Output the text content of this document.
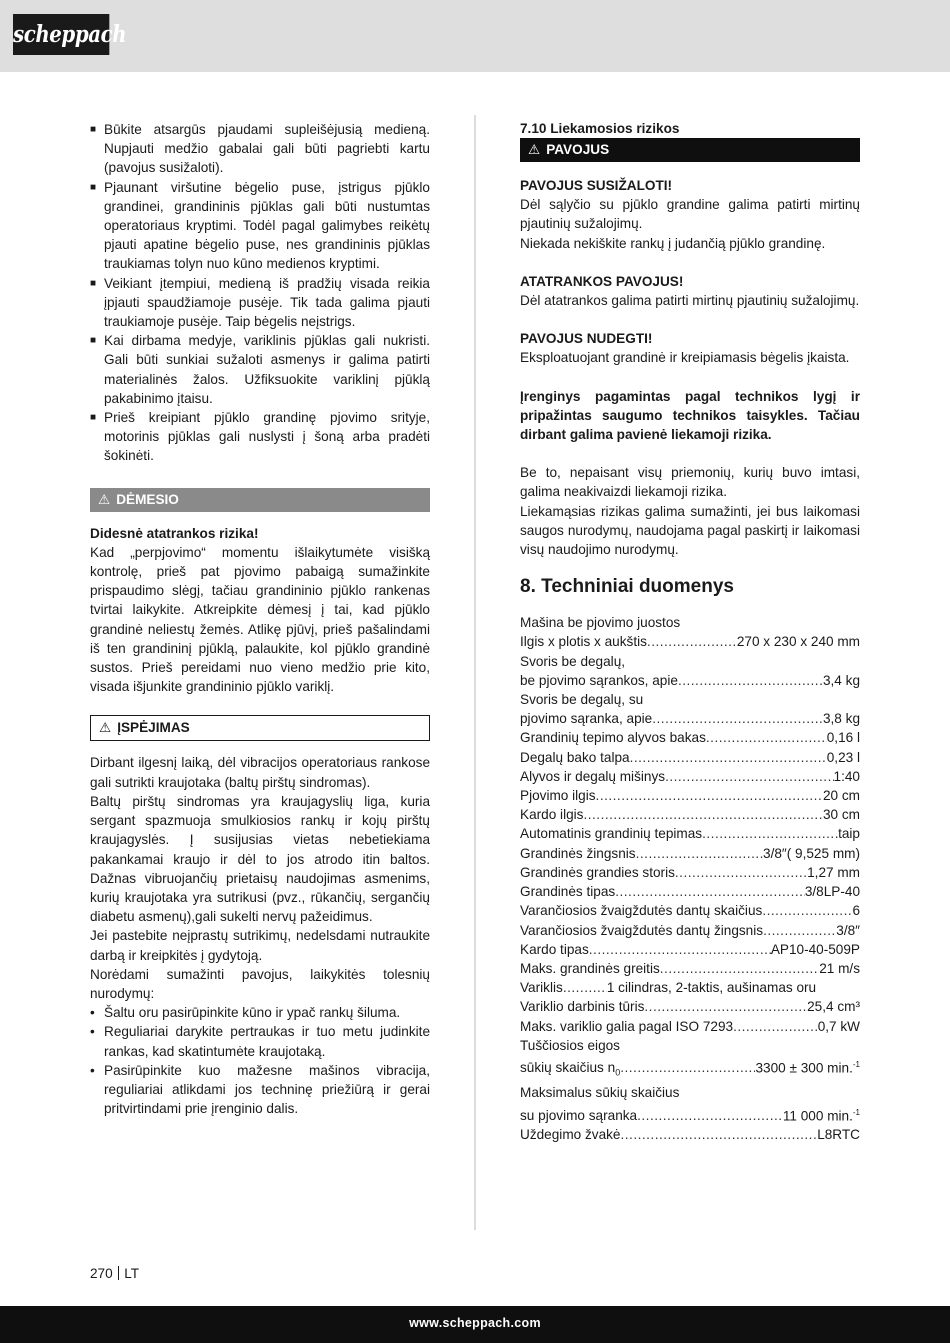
scheppach
■ Būkite atsargūs pjaudami supleišėjusią medieną. Nupjauti medžio gabalai gali būti pagriebti kartu (pavojus susižaloti).
■ Pjaunant viršutine bėgelio puse, įstrigus pjūklo grandinei, grandininis pjūklas gali būti nustumtas operatoriaus kryptimi. Todėl pagal galimybes reikėtų pjauti apatine bėgelio puse, nes grandininis pjūklas traukiamas tolyn nuo kūno medienos kryptimi.
■ Veikiant įtempiui, medieną iš pradžių visada reikia įpjauti spaudžiamoje pusėje. Tik tada galima pjauti traukiamoje pusėje. Taip bėgelis neįstrigs.
■ Kai dirbama medyje, variklinis pjūklas gali nukristi. Gali būti sunkiai sužaloti asmenys ir galima patirti materialinės žalos. Užfiksuokite variklinį pjūklą pakabinimo įtaisu.
■ Prieš kreipiant pjūklo grandinę pjovimo srityje, motorinis pjūklas gali nuslysti į šoną arba pradėti šokinėti.
⚠ DĖMESIO
Didesnė atatrankos rizika!
Kad „perpjovimo“ momentu išlaikytumėte visišką kontrolę, prieš pat pjovimo pabaigą sumažinkite prispaudimo slėgį, tačiau grandininio pjūklo rankenas tvirtai laikykite. Atkreipkite dėmesį į tai, kad pjūklo grandinė neliestų žemės. Atlikę pjūvį, prieš pašalindami iš ten grandininį pjūklą, palaukite, kol pjūklo grandinė sustos. Prieš pereidami nuo vieno medžio prie kito, visada išjunkite grandininio pjūklo variklį.
⚠ ĮSPĖJIMAS
Dirbant ilgesnį laiką, dėl vibracijos operatoriaus rankose gali sutrikti kraujotaka (baltų pirštų sindromas).
Baltų pirštų sindromas yra kraujagyslių liga, kuria sergant spazmuoja smulkiosios rankų ir kojų pirštų kraujagyslės. Į susijusias vietas nebetiekiama pakankamai kraujo ir dėl to jos atrodo itin baltos. Dažnas vibruojančių prietaisų naudojimas asmenims, kurių kraujotaka yra sutrikusi (pvz., rūkančių, sergančių diabetu asmenų),gali sukelti nervų pažeidimus.
Jei pastebite neįprastų sutrikimų, nedelsdami nutraukite darbą ir kreipkitės į gydytoją.
Norėdami sumažinti pavojus, laikykitės tolesnių nurodymų:
• Šaltu oru pasirūpinkite kūno ir ypač rankų šiluma.
• Reguliariai darykite pertraukas ir tuo metu judinkite rankas, kad skatintumėte kraujotaką.
• Pasirūpinkite kuo mažesne mašinos vibracija, reguliariai atlikdami jos techninę priežiūrą ir gerai pritvirtindami prie įrenginio dalis.
7.10 Liekamosios rizikos
⚠ PAVOJUS
PAVOJUS SUSIŽALOTI!
Dėl sąlyčio su pjūklo grandine galima patirti mirtinų pjautinių sužalojimų.
Niekada nekiškite rankų į judančią pjūklo grandinę.
ATATRANKOS PAVOJUS!
Dėl atatrankos galima patirti mirtinų pjautinių sužalojimų.
PAVOJUS NUDEGTI!
Eksploatuojant grandinė ir kreipiamasis bėgelis įkaista.
Įrenginys pagamintas pagal technikos lygį ir pripažintas saugumo technikos taisykles. Tačiau dirbant galima pavienė liekamoji rizika.
Be to, nepaisant visų priemonių, kurių buvo imtasi, galima neakivaizdi liekamoji rizika.
Liekamąsias rizikas galima sumažinti, jei bus laikomasi saugos nurodymų, naudojama pagal paskirtį ir laikomasi visų naudojimo nurodymų.
8. Techniniai duomenys
Mašina be pjovimo juostos
Ilgis x plotis x aukštis .....	270 x 230 x 240 mm
Svoris be degalų,
be pjovimo sąrankos, apie .....	3,4 kg
Svoris be degalų, su
pjovimo sąranka, apie .....	3,8 kg
Grandinių tepimo alyvos bakas .....	0,16 l
Degalų bako talpa .....	0,23 l
Alyvos ir degalų mišinys .....	1:40
Pjovimo ilgis .....	20 cm
Kardo ilgis .....	30 cm
Automatinis grandinių tepimas .....	taip
Grandinės žingsnis .....	3/8″( 9,525 mm)
Grandinės grandies storis .....	1,27 mm
Grandinės tipas .....	3/8LP-40
Varančiosios žvaigždutės dantų skaičius .....	6
Varančiosios žvaigždutės dantų žingsnis .....	3/8″
Kardo tipas .....	AP10-40-509P
Maks. grandinės greitis .....	21 m/s
Variklis .....	1 cilindras, 2-taktis, aušinamas oru
Variklio darbinis tūris .....	25,4 cm³
Maks. variklio galia pagal ISO 7293 .....	0,7 kW
Tuščiosios eigos
sūkių skaičius $n_0$ .....	3300 ± 300 min.$^{-1}$
Maksimalus sūkių skaičius
su pjovimo sąranka .....	11 000 min.$^{-1}$
Uždegimo žvakė .....	L8RTC
270 LT
www.scheppach.com
